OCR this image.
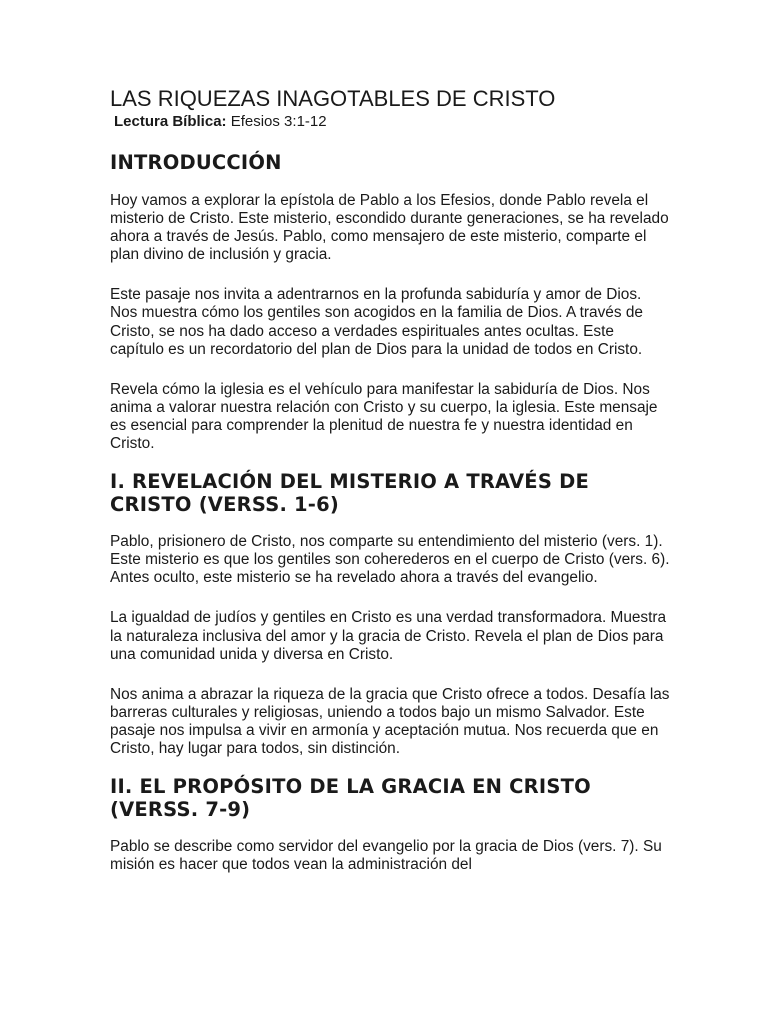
LAS RIQUEZAS INAGOTABLES DE CRISTO
Lectura Bíblica: Efesios 3:1-12
INTRODUCCIÓN

Hoy vamos a explorar la epístola de Pablo a los Efesios, donde Pablo revela el misterio de Cristo. Este misterio, escondido durante generaciones, se ha revelado ahora a través de Jesús. Pablo, como mensajero de este misterio, comparte el plan divino de inclusión y gracia.

Este pasaje nos invita a adentrarnos en la profunda sabiduría y amor de Dios. Nos muestra cómo los gentiles son acogidos en la familia de Dios. A través de Cristo, se nos ha dado acceso a verdades espirituales antes ocultas. Este capítulo es un recordatorio del plan de Dios para la unidad de todos en Cristo.

Revela cómo la iglesia es el vehículo para manifestar la sabiduría de Dios. Nos anima a valorar nuestra relación con Cristo y su cuerpo, la iglesia. Este mensaje es esencial para comprender la plenitud de nuestra fe y nuestra identidad en Cristo.

I. REVELACIÓN DEL MISTERIO A TRAVÉS DE CRISTO (VERSS. 1-6)

Pablo, prisionero de Cristo, nos comparte su entendimiento del misterio (vers. 1). Este misterio es que los gentiles son coherederos en el cuerpo de Cristo (vers. 6). Antes oculto, este misterio se ha revelado ahora a través del evangelio.

La igualdad de judíos y gentiles en Cristo es una verdad transformadora. Muestra la naturaleza inclusiva del amor y la gracia de Cristo. Revela el plan de Dios para una comunidad unida y diversa en Cristo.

Nos anima a abrazar la riqueza de la gracia que Cristo ofrece a todos. Desafía las barreras culturales y religiosas, uniendo a todos bajo un mismo Salvador. Este pasaje nos impulsa a vivir en armonía y aceptación mutua. Nos recuerda que en Cristo, hay lugar para todos, sin distinción.

II. EL PROPÓSITO DE LA GRACIA EN CRISTO (VERSS. 7-9)

Pablo se describe como servidor del evangelio por la gracia de Dios (vers. 7). Su misión es hacer que todos vean la administración del
